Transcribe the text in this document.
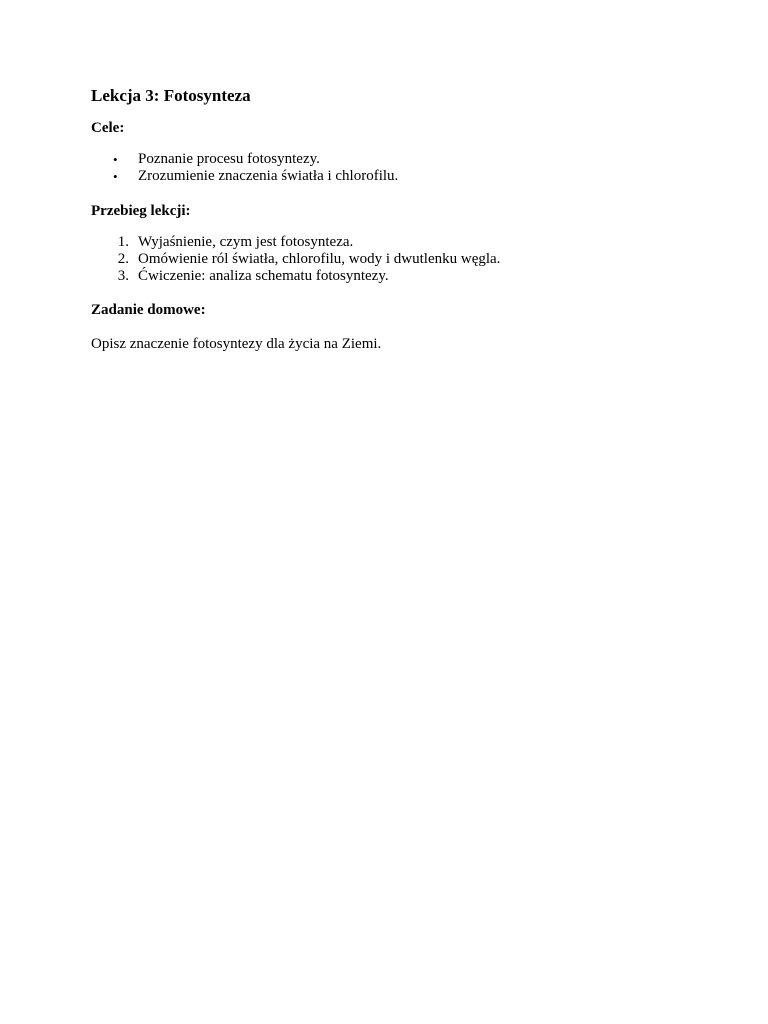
Lekcja 3: Fotosynteza
Cele:
• Poznanie procesu fotosyntezy.
• Zrozumienie znaczenia światła i chlorofilu.
Przebieg lekcji:
1. Wyjaśnienie, czym jest fotosynteza.
2. Omówienie ról światła, chlorofilu, wody i dwutlenku węgla.
3. Ćwiczenie: analiza schematu fotosyntezy.
Zadanie domowe:

Opisz znaczenie fotosyntezy dla życia na Ziemi.
